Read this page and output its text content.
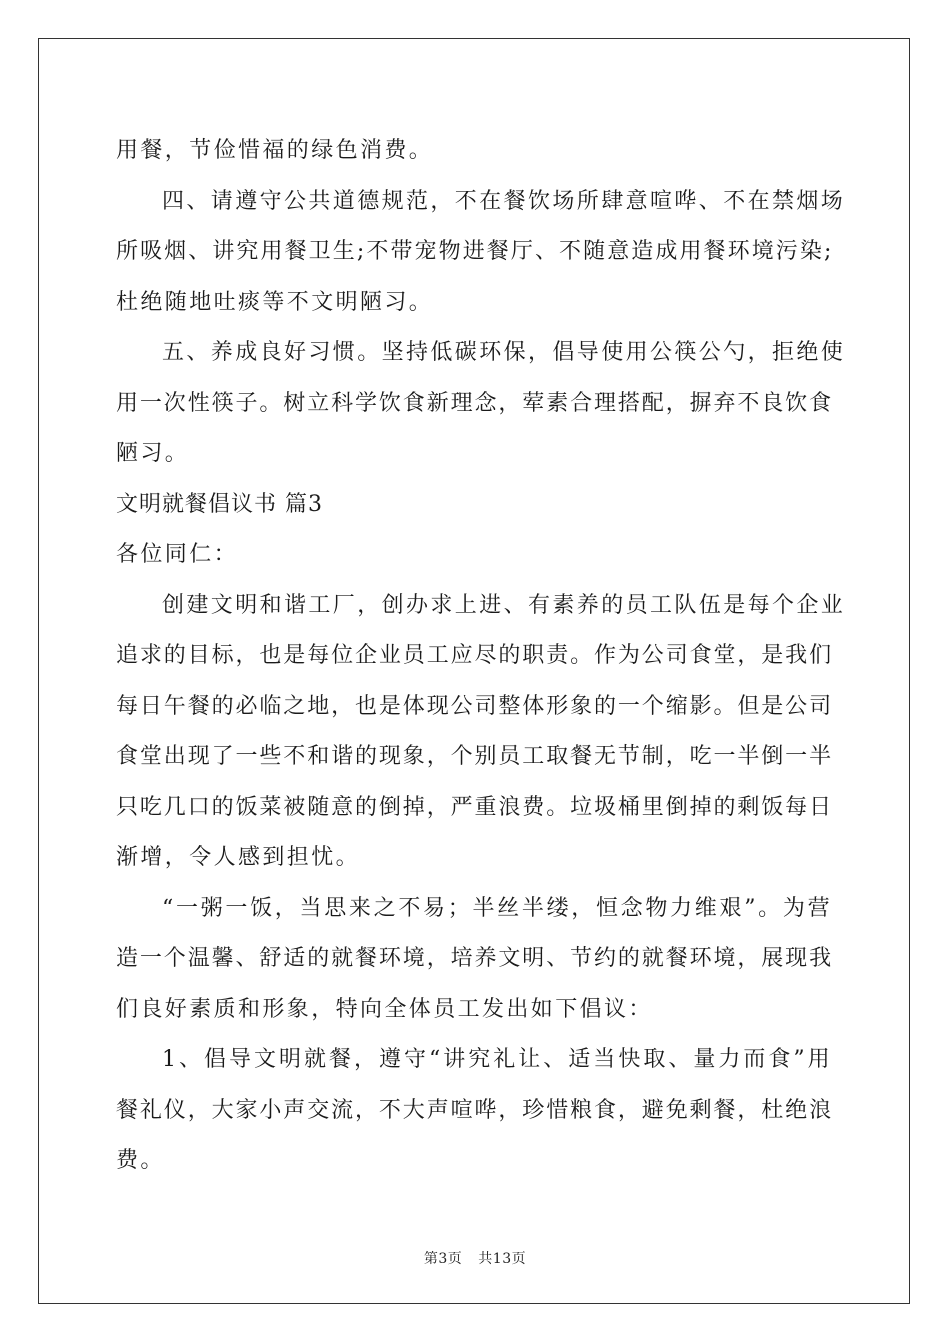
用餐，节俭惜福的绿色消费。
四、请遵守公共道德规范，不在餐饮场所肆意喧哗、不在禁烟场
所吸烟、讲究用餐卫生;不带宠物进餐厅、不随意造成用餐环境污染;
杜绝随地吐痰等不文明陋习。
五、养成良好习惯。坚持低碳环保，倡导使用公筷公勺，拒绝使
用一次性筷子。树立科学饮食新理念，荤素合理搭配，摒弃不良饮食
陋习。
文明就餐倡议书 篇3
各位同仁：
创建文明和谐工厂，创办求上进、有素养的员工队伍是每个企业
追求的目标，也是每位企业员工应尽的职责。作为公司食堂，是我们
每日午餐的必临之地，也是体现公司整体形象的一个缩影。但是公司
食堂出现了一些不和谐的现象，个别员工取餐无节制，吃一半倒一半
只吃几口的饭菜被随意的倒掉，严重浪费。垃圾桶里倒掉的剩饭每日
渐增，令人感到担忧。
“一粥一饭，当思来之不易；半丝半缕，恒念物力维艰”。为营
造一个温馨、舒适的就餐环境，培养文明、节约的就餐环境，展现我
们良好素质和形象，特向全体员工发出如下倡议：
1、倡导文明就餐，遵守“讲究礼让、适当快取、量力而食”用
餐礼仪，大家小声交流，不大声喧哗，珍惜粮食，避免剩餐，杜绝浪
费。
第3页 共13页
